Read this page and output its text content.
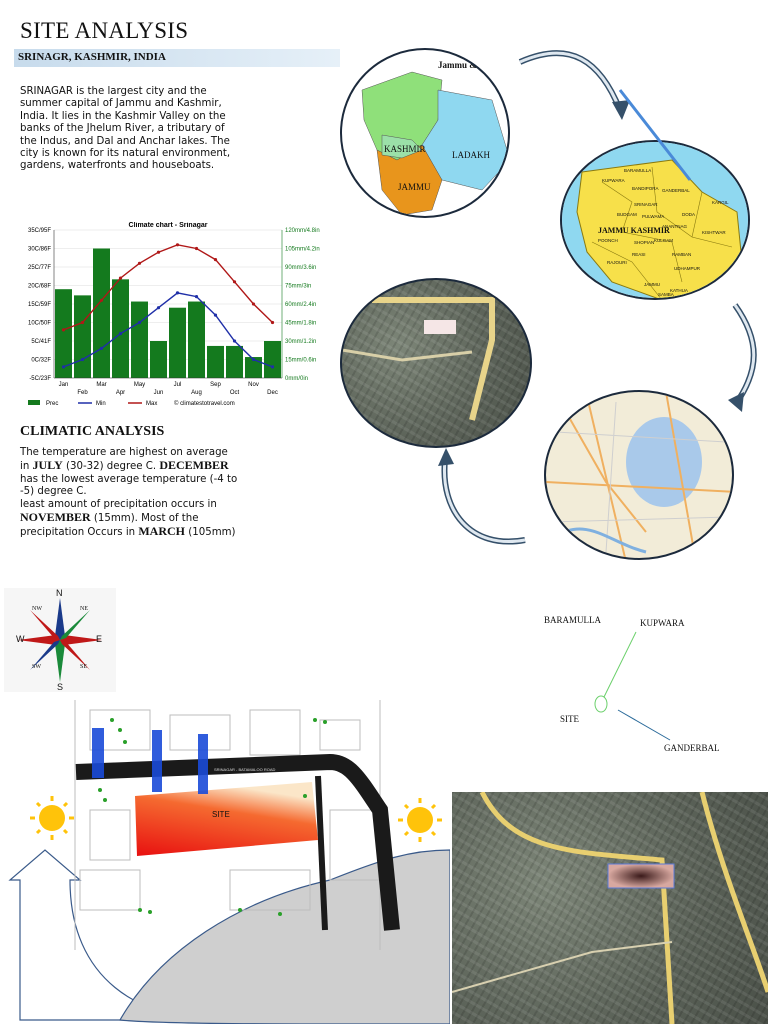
SITE ANALYSIS
SRINAGR, KASHMIR, INDIA
SRINAGAR is the largest city and the summer capital of Jammu and Kashmir, India. It lies in the Kashmir Valley on the banks of the Jhelum River, a tributary of the Indus, and Dal and Anchar lakes. The city is known for its natural environment, gardens, waterfronts and houseboats.
Climate chart - Srinagar
35C/95F
30C/86F
25C/77F
20C/68F
15C/59F
10C/50F
5C/41F
0C/32F
-5C/23F
120mm/4.8in
105mm/4.2in
90mm/3.6in
75mm/3in
60mm/2.4in
45mm/1.8in
30mm/1.2in
15mm/0.6in
0mm/0in
Jan
Feb
Mar
Apr
May
Jun
Jul
Aug
Sep
Oct
Nov
Dec
Prec	Min	Max	© climatestotravel.com
CLIMATIC ANALYSIS
The temperature are highest on average in JULY (30-32) degree C. DECEMBER has the lowest average temperature (-4 to -5) degree C.
least amount of precipitation occurs in NOVEMBER (15mm). Most of the precipitation Occurs in MARCH (105mm)
Jammu & Kas
KASHMIR
LADAKH
JAMMU
JAMMU KASHMIR
KUPWARA
BARAMULLA
SRINAGAR
BUDGAM PULWAMA
ANANTNAG
KULGAM
SHOPIAN
DODA
KISHTWAR
RAMBAN
REASI
UDHAMPUR
KATHUA
SAMBA
JAMMU
RAJOURI
POONCH
GANDERBAL
BANDIPORA
KARGIL
N
S
W	E
NW	NE
SW	SE
BARAMULLA	KUPWARA
SITE
GANDERBAL
SITE
SRINAGAR - BATAMALOO ROAD
